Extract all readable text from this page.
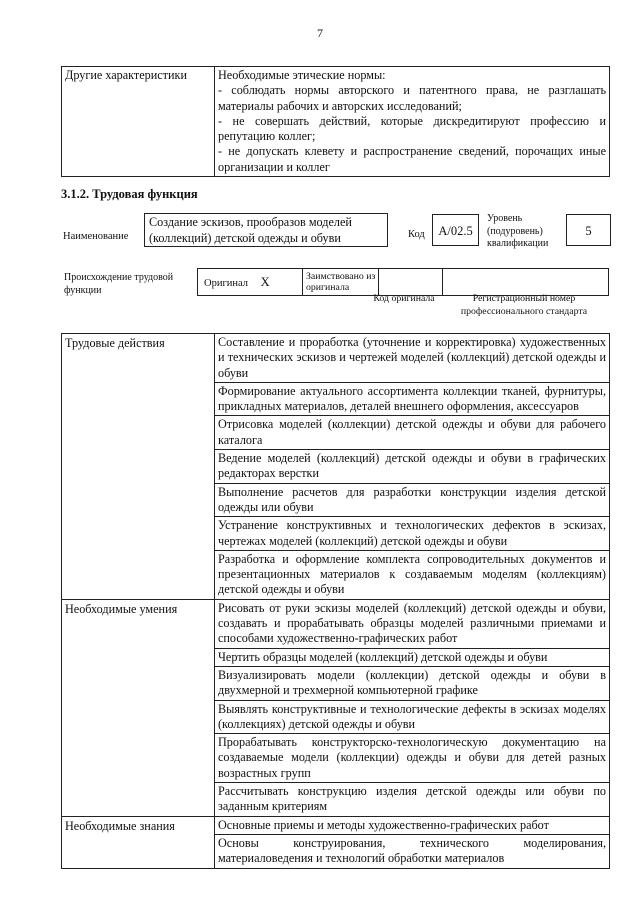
7
Другие характеристики	Необходимые этические нормы:
- соблюдать нормы авторского и патентного права, не разглашать материалы рабочих и авторских исследований;
- не совершать действий, которые дискредитируют профессию и репутацию коллег;
- не допускать клевету и распространение сведений, порочащих иные организации и коллег
3.1.2. Трудовая функция
Наименование
Создание эскизов, прообразов моделей (коллекций) детской одежды и обуви	Код	А/02.5
Уровень (подуровень) квалификации
5
Происхождение трудовой функции
Оригинал Х	Заимствовано из оригинала		
Код оригинала	Регистрационный номер профессионального стандарта
Трудовые действия	Составление и проработка (уточнение и корректировка) художественных и технических эскизов и чертежей моделей (коллекций) детской одежды и обуви
	Формирование актуального ассортимента коллекции тканей, фурнитуры, прикладных материалов, деталей внешнего оформления, аксессуаров
	Отрисовка моделей (коллекции) детской одежды и обуви для рабочего каталога
	Ведение моделей (коллекций) детской одежды и обуви в графических редакторах верстки
	Выполнение расчетов для разработки конструкции изделия детской одежды или обуви
	Устранение конструктивных и технологических дефектов в эскизах, чертежах моделей (коллекций) детской одежды и обуви
	Разработка и оформление комплекта сопроводительных документов и презентационных материалов к создаваемым моделям (коллекциям) детской одежды и обуви
Необходимые умения	Рисовать от руки эскизы моделей (коллекций) детской одежды и обуви, создавать и прорабатывать образцы моделей различными приемами и способами художественно-графических работ
	Чертить образцы моделей (коллекций) детской одежды и обуви
	Визуализировать модели (коллекции) детской одежды и обуви в двухмерной и трехмерной компьютерной графике
	Выявлять конструктивные и технологические дефекты в эскизах моделях (коллекциях) детской одежды и обуви
	Прорабатывать конструкторско-технологическую документацию на создаваемые модели (коллекции) одежды и обуви для детей разных возрастных групп
	Рассчитывать конструкцию изделия детской одежды или обуви по заданным критериям
Необходимые знания	Основные приемы и методы художественно-графических работ
	Основы конструирования, технического моделирования, материаловедения и технологий обработки материалов
